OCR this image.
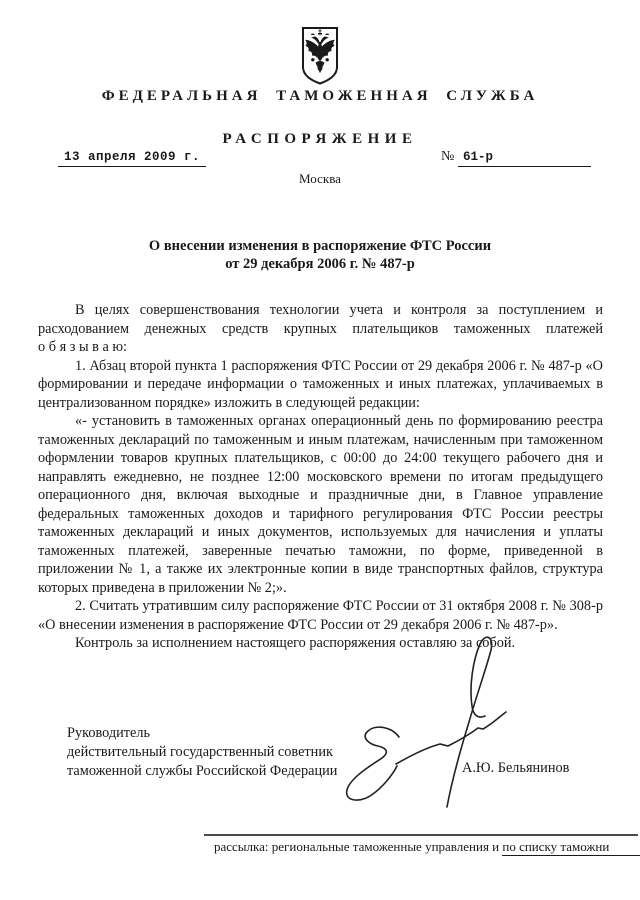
ФЕДЕРАЛЬНАЯ ТАМОЖЕННАЯ СЛУЖБА
РАСПОРЯЖЕНИЕ
13 апреля 2009 г.	№ 61-р
Москва
О внесении изменения в распоряжение ФТС России
от 29 декабря 2006 г. № 487-р

В целях совершенствования технологии учета и контроля за поступлением и расходованием денежных средств крупных плательщиков таможенных платежей

о б я з ы в а ю:

1. Абзац второй пункта 1 распоряжения ФТС России от 29 декабря 2006 г. № 487-р «О формировании и передаче информации о таможенных и иных платежах, уплачиваемых в централизованном порядке» изложить в следующей редакции:

«- установить в таможенных органах операционный день по формированию реестра таможенных деклараций по таможенным и иным платежам, начисленным при таможенном оформлении товаров крупных плательщиков, с 00:00 до 24:00 текущего рабочего дня и направлять ежедневно, не позднее 12:00 московского времени по итогам предыдущего операционного дня, включая выходные и праздничные дни, в Главное управление федеральных таможенных доходов и тарифного регулирования ФТС России реестры таможенных деклараций и иных документов, используемых для начисления и уплаты таможенных платежей, заверенные печатью таможни, по форме, приведенной в приложении № 1, а также их электронные копии в виде транспортных файлов, структура которых приведена в приложении № 2;».

2. Считать утратившим силу распоряжение ФТС России от 31 октября 2008 г. № 308-р «О внесении изменения в распоряжение ФТС России от 29 декабря 2006 г. № 487-р».

Контроль за исполнением настоящего распоряжения оставляю за собой.

Руководитель
действительный государственный советник
таможенной службы Российской Федерации	А.Ю. Бельянинов
рассылка: региональные таможенные управления и по списку таможни
